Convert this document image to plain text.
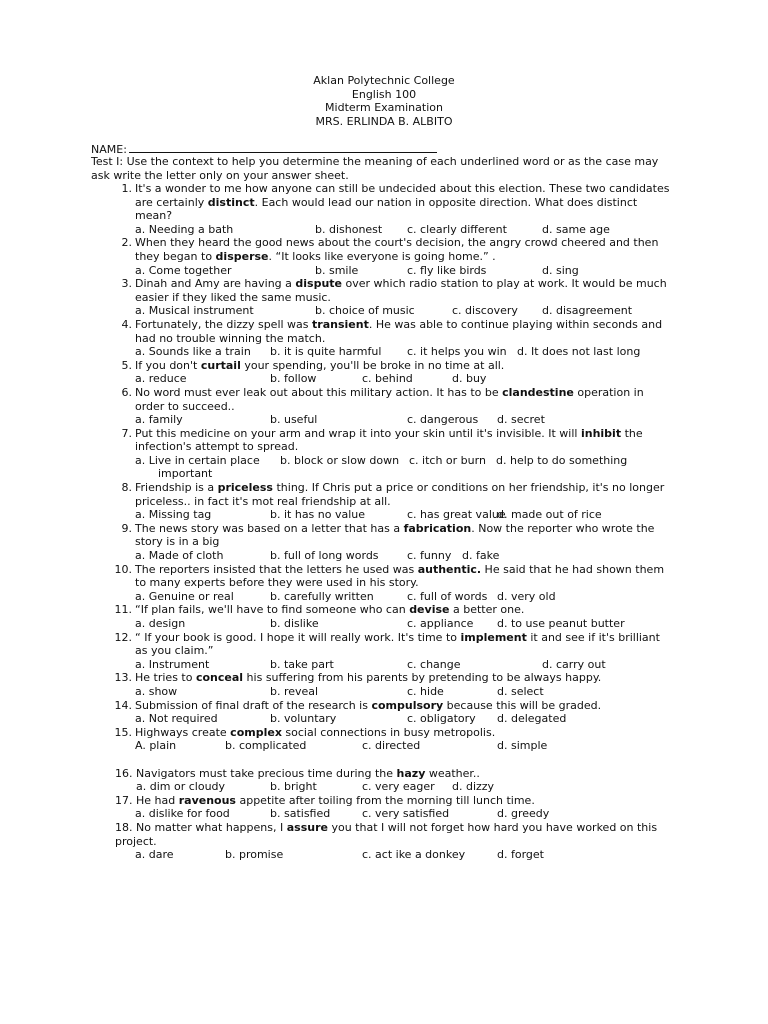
Aklan Polytechnic College
English 100
Midterm Examination
MRS. ERLINDA B. ALBITO
NAME:
Test I: Use the context to help you determine the meaning of each underlined word or as the case may ask write the letter only on your answer sheet.
1. It's a wonder to me how anyone can still be undecided about this election. These two candidates are certainly distinct. Each would lead our nation in opposite direction. What does distinct mean?
a. Needing a bath	b. dishonest c. clearly different	d. same age
2. When they heard the good news about the court's decision, the angry crowd cheered and then they began to disperse. “It looks like everyone is going home.” .
a. Come together	b. smile	c. fly like birds	d. sing
3. Dinah and Amy are having a dispute over which radio station to play at work. It would be much easier if they liked the same music.
a. Musical instrument	b. choice of music	c. discovery d. disagreement
4. Fortunately, the dizzy spell was transient. He was able to continue playing within seconds and had no trouble winning the match.
a. Sounds like a train b. it is quite harmful c. it helps you win d. It does not last long
5. If you don't curtail your spending, you'll be broke in no time at all.
a. reduce	b. follow	c. behind	d. buy
6. No word must ever leak out about this military action. It has to be clandestine operation in order to succeed..
a. family	b. useful	c. dangerous d. secret
7. Put this medicine on your arm and wrap it into your skin until it's invisible. It will inhibit the infection's attempt to spread.
a. Live in certain place b. block or slow down c. itch or burn d. help to do something
important
8. Friendship is a priceless thing. If Chris put a price or conditions on her friendship, it's no longer priceless.. in fact it's mot real friendship at all.
a. Missing tag	b. it has no value	c. has great value
d. made out of rice
9. The news story was based on a letter that has a fabrication. Now the reporter who wrote the story is in a big
a. Made of cloth	b. full of long words	c. funny d. fake
10. The reporters insisted that the letters he used was authentic. He said that he had shown them to many experts before they were used in his story.
a. Genuine or real	b. carefully written	c. full of words d. very old
11. “If plan fails, we'll have to find someone who can devise a better one.
a. design	b. dislike	c. appliance d. to use peanut butter
12. “ If your book is good. I hope it will really work. It's time to implement it and see if it's brilliant as you claim.”
a. Instrument	b. take part	c. change	d. carry out
13. He tries to conceal his suffering from his parents by pretending to be always happy.
a. show	b. reveal	c. hide	d. select
14. Submission of final draft of the research is compulsory because this will be graded.
a. Not required	b. voluntary	c. obligatory d. delegated
15. Highways create complex social connections in busy metropolis.
A. plain	b. complicated	c. directed	d. simple
16. Navigators must take precious time during the hazy weather..
a. dim or cloudy	b. bright	c. very eager d. dizzy
17. He had ravenous appetite after toiling from the morning till lunch time.
a. dislike for food	b. satisfied	c. very satisfied	d. greedy
18. No matter what happens, I assure you that I will not forget how hard you have worked on this project.
a. dare	b. promise	c. act ike a donkey	d. forget
